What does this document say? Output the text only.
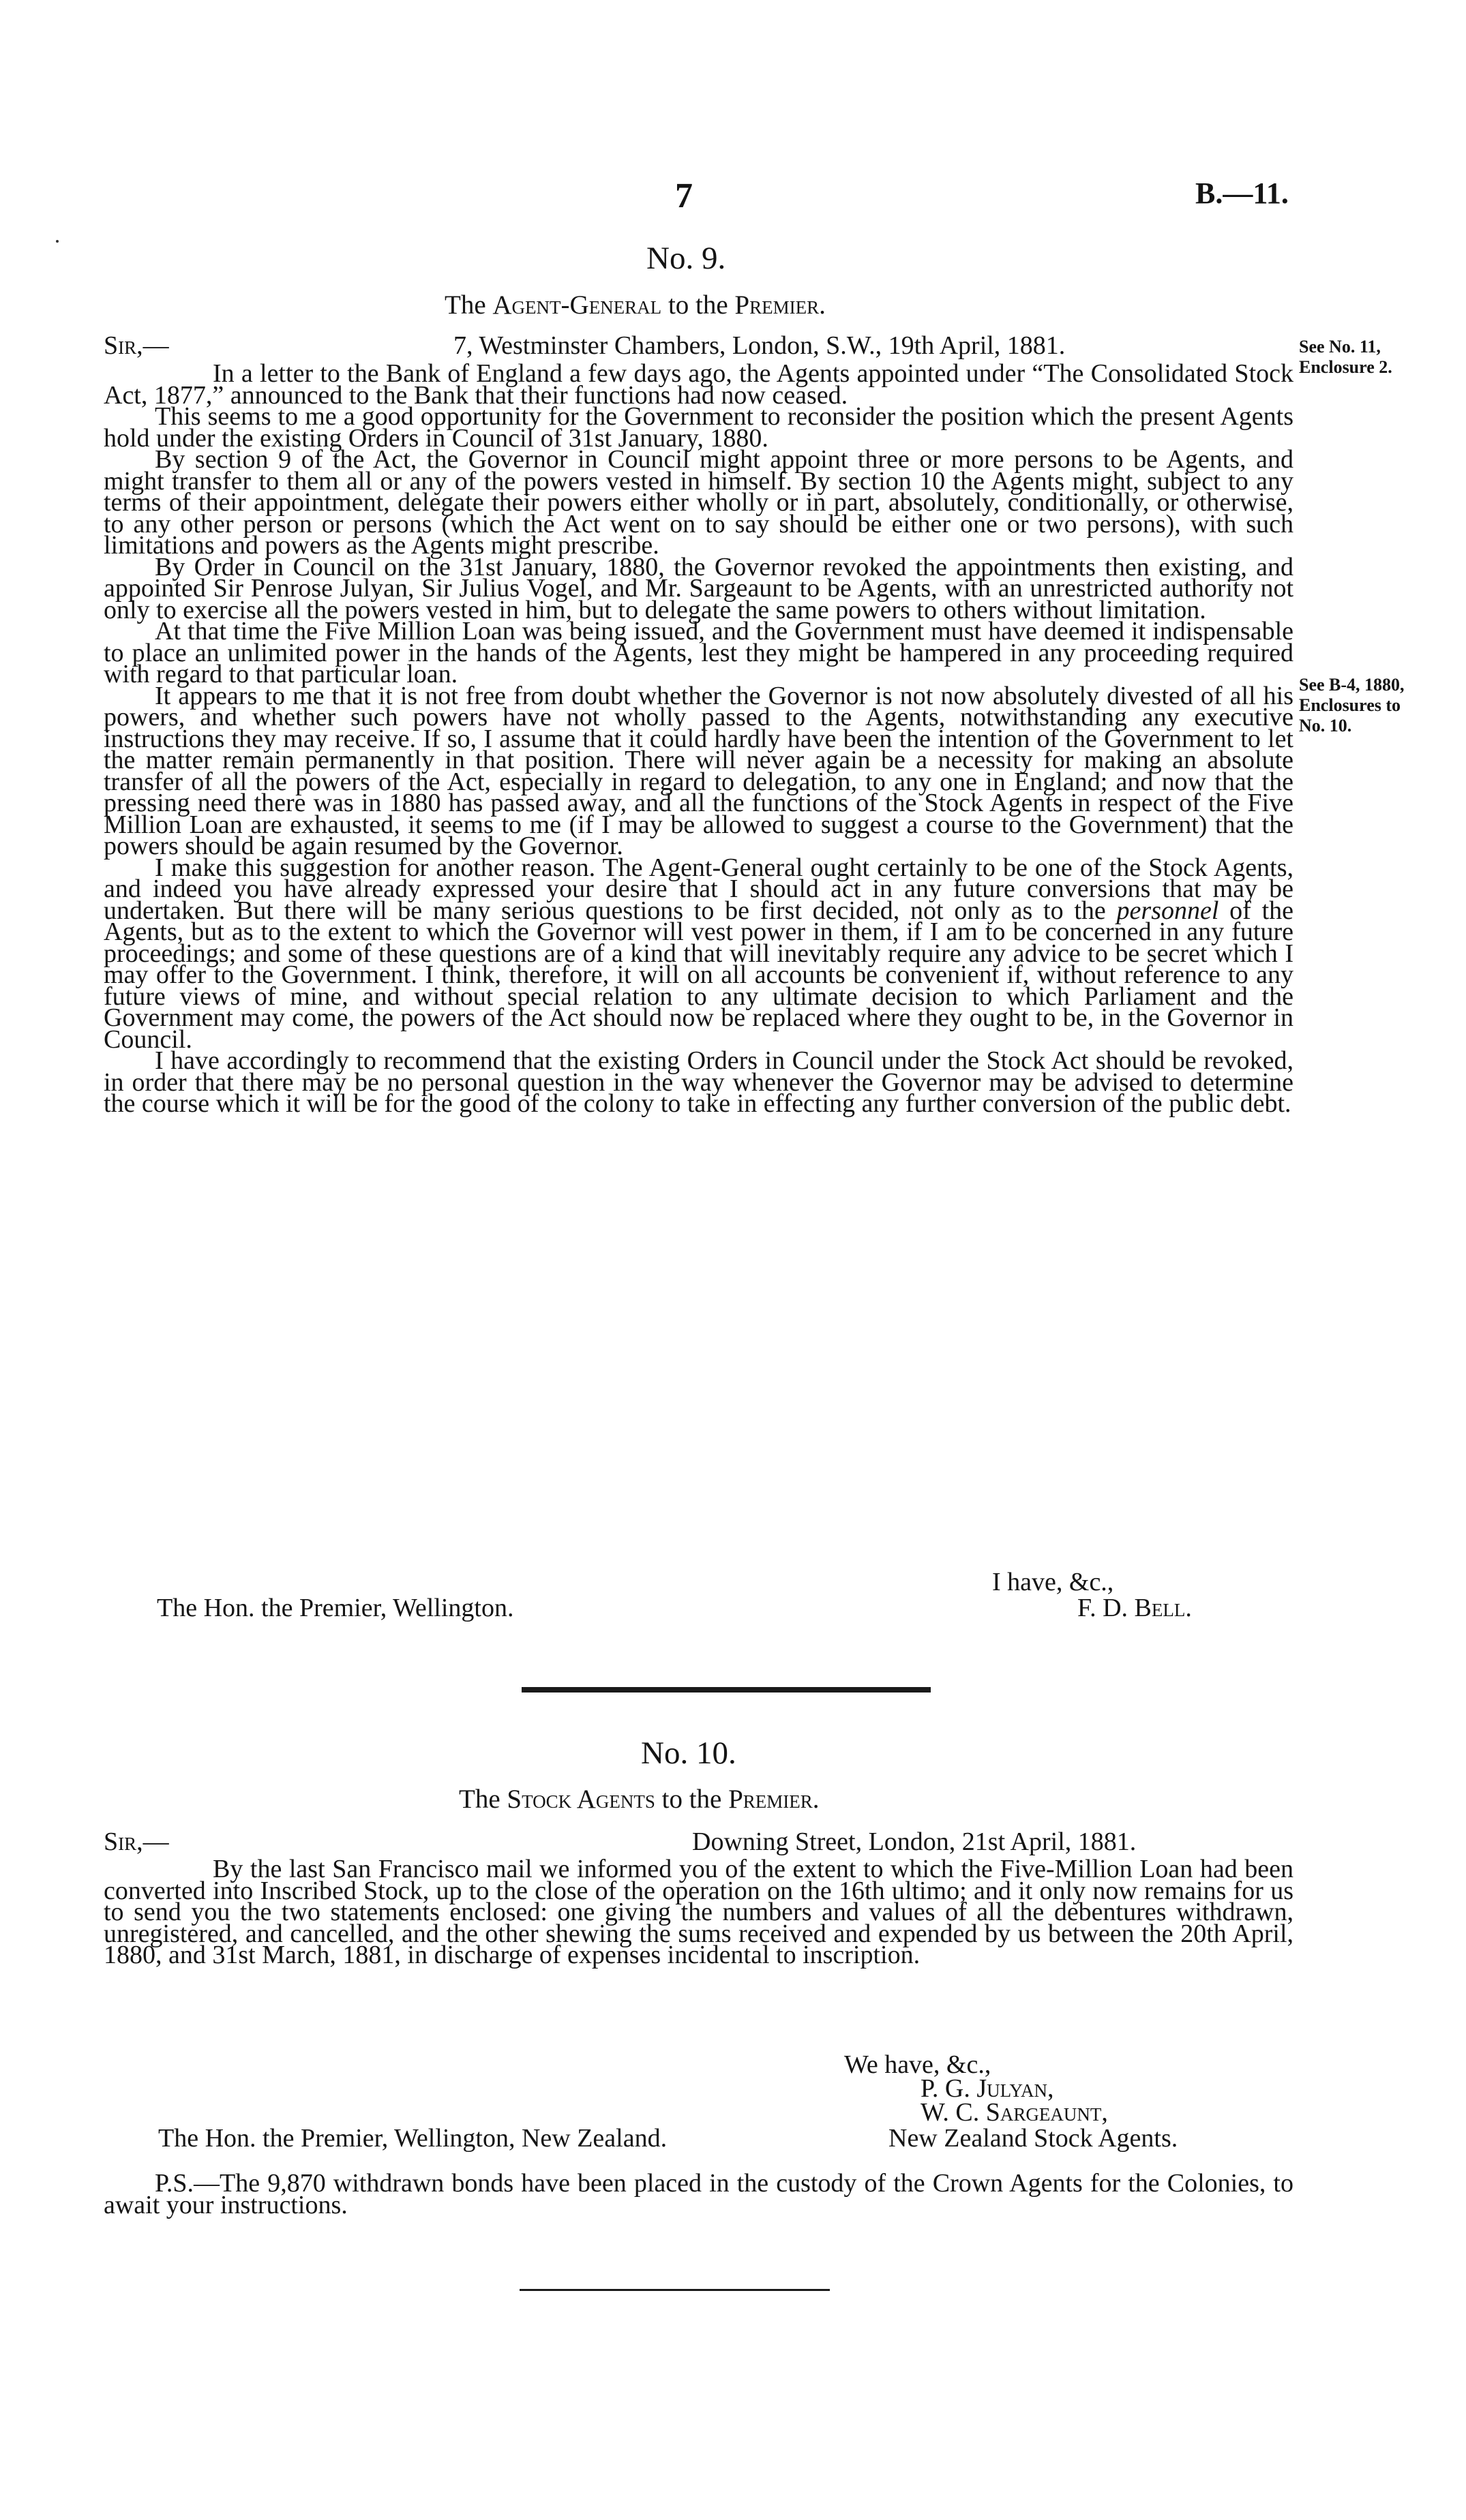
7	B.—11.
No. 9.
The Agent-General to the Premier.
Sir,—	7, Westminster Chambers, London, S.W., 19th April, 1881.	See No. 11,
Enclosure 2.
See B-4, 1880,
Enclosures to
No. 10.

In a letter to the Bank of England a few days ago, the Agents appointed under “The Consolidated Stock Act, 1877,” announced to the Bank that their functions had now ceased.

This seems to me a good opportunity for the Government to reconsider the position which the present Agents hold under the existing Orders in Council of 31st January, 1880.

By section 9 of the Act, the Governor in Council might appoint three or more persons to be Agents, and might transfer to them all or any of the powers vested in himself. By section 10 the Agents might, subject to any terms of their appointment, delegate their powers either wholly or in part, absolutely, conditionally, or otherwise, to any other person or persons (which the Act went on to say should be either one or two persons), with such limitations and powers as the Agents might prescribe.

By Order in Council on the 31st January, 1880, the Governor revoked the appointments then existing, and appointed Sir Penrose Julyan, Sir Julius Vogel, and Mr. Sargeaunt to be Agents, with an unrestricted authority not only to exercise all the powers vested in him, but to delegate the same powers to others without limitation.

At that time the Five Million Loan was being issued, and the Government must have deemed it indispensable to place an unlimited power in the hands of the Agents, lest they might be hampered in any proceeding required with regard to that particular loan.

It appears to me that it is not free from doubt whether the Governor is not now absolutely divested of all his powers, and whether such powers have not wholly passed to the Agents, notwithstanding any executive instructions they may receive. If so, I assume that it could hardly have been the intention of the Government to let the matter remain permanently in that position. There will never again be a necessity for making an absolute transfer of all the powers of the Act, especially in regard to delegation, to any one in England; and now that the pressing need there was in 1880 has passed away, and all the functions of the Stock Agents in respect of the Five Million Loan are exhausted, it seems to me (if I may be allowed to suggest a course to the Government) that the powers should be again resumed by the Governor.

I make this suggestion for another reason. The Agent-General ought certainly to be one of the Stock Agents, and indeed you have already expressed your desire that I should act in any future conversions that may be undertaken. But there will be many serious questions to be first decided, not only as to the personnel of the Agents, but as to the extent to which the Governor will vest power in them, if I am to be concerned in any future proceedings; and some of these questions are of a kind that will inevitably require any advice to be secret which I may offer to the Government. I think, therefore, it will on all accounts be convenient if, without reference to any future views of mine, and without special relation to any ultimate decision to which Parliament and the Government may come, the powers of the Act should now be replaced where they ought to be, in the Governor in Council.

I have accordingly to recommend that the existing Orders in Council under the Stock Act should be revoked, in order that there may be no personal question in the way whenever the Governor may be advised to determine the course which it will be for the good of the colony to take in effecting any further conversion of the public debt.

I have, &c.,
The Hon. the Premier, Wellington.	F. D. Bell.
No. 10.
The Stock Agents to the Premier.
Sir,—	Downing Street, London, 21st April, 1881.

By the last San Francisco mail we informed you of the extent to which the Five-Million Loan had been converted into Inscribed Stock, up to the close of the operation on the 16th ultimo; and it only now remains for us to send you the two statements enclosed: one giving the numbers and values of all the debentures withdrawn, unregistered, and cancelled, and the other shewing the sums received and expended by us between the 20th April, 1880, and 31st March, 1881, in discharge of expenses incidental to inscription.

We have, &c.,
P. G. Julyan,
W. C. Sargeaunt,
The Hon. the Premier, Wellington, New Zealand.	New Zealand Stock Agents.

P.S.—The 9,870 withdrawn bonds have been placed in the custody of the Crown Agents for the Colonies, to await your instructions.
